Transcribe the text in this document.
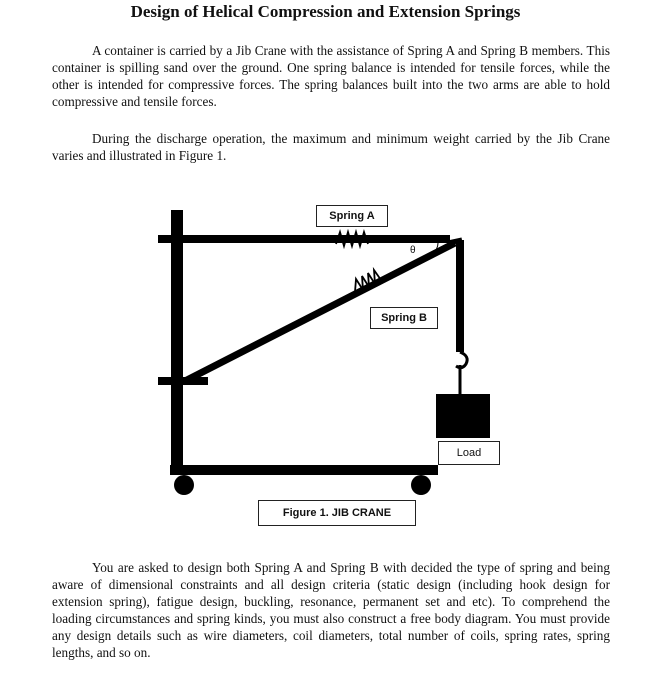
Design of Helical Compression and Extension Springs

A container is carried by a Jib Crane with the assistance of Spring A and Spring B members. This container is spilling sand over the ground. One spring balance is intended for tensile forces, while the other is intended for compressive forces. The spring balances built into the two arms are able to hold compressive and tensile forces.

During the discharge operation, the maximum and minimum weight carried by the Jib Crane varies and illustrated in Figure 1.

Spring A
Spring B
θ
Load
Figure 1. JIB CRANE

You are asked to design both Spring A and Spring B with decided the type of spring and being aware of dimensional constraints and all design criteria (static design (including hook design for extension spring), fatigue design, buckling, resonance, permanent set and etc). To comprehend the loading circumstances and spring kinds, you must also construct a free body diagram. You must provide any design details such as wire diameters, coil diameters, total number of coils, spring rates, spring lengths, and so on.
